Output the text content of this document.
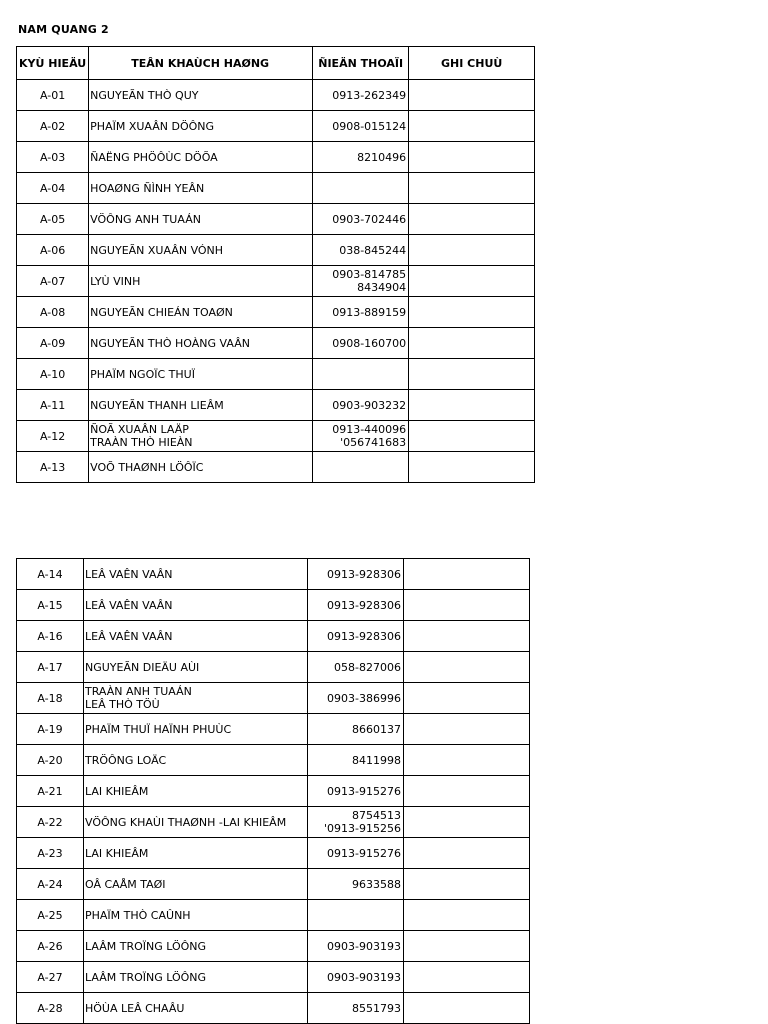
NAM QUANG 2
KYÙ HIEÄU	TEÂN KHAÙCH HAØNG	ÑIEÄN THOAÏI	GHI CHUÙ
A-01	NGUYEÃN THÒ QUY	0913-262349	
A-02	PHAÏM XUAÂN DÖÔNG	0908-015124	
A-03	ÑAËNG PHÖÔÙC DÖÕA	8210496	
A-04	HOAØNG ÑÌNH YEÂN		
A-05	VÖÔNG ANH TUAÁN	0903-702446	
A-06	NGUYEÃN XUAÂN VÓNH	038-845244	
A-07	LYÙ VINH	0903-814785
8434904	
A-08	NGUYEÃN CHIEÁN TOAØN	0913-889159	
A-09	NGUYEÃN THÒ HOÀNG VAÂN	0908-160700	
A-10	PHAÏM NGOÏC THUÏ		
A-11	NGUYEÃN THANH LIEÂM	0903-903232	
A-12	ÑOÃ XUAÂN LAÄP
TRAÀN THÒ HIEÀN	0913-440096
'056741683	
A-13	VOÕ THAØNH LÖÔÏC		
A-14	LEÂ VAÊN VAÂN	0913-928306	
A-15	LEÂ VAÊN VAÂN	0913-928306	
A-16	LEÂ VAÊN VAÂN	0913-928306	
A-17	NGUYEÃN DIEÄU AÙI	058-827006	
A-18	TRAÀN ANH TUAÁN
LEÂ THÒ TÖÙ	0903-386996	
A-19	PHAÏM THUÏ HAÏNH PHUÙC	8660137	
A-20	TRÖÔNG LOÄC	8411998	
A-21	LAI KHIEÂM	0913-915276	
A-22	VÖÔNG KHAÙI THAØNH -LAI KHIEÂM	8754513
'0913-915256	
A-23	LAI KHIEÂM	0913-915276	
A-24	OÂ CAÅM TAØI	9633588	
A-25	PHAÏM THÒ CAÛNH		
A-26	LAÂM TROÏNG LÖÔNG	0903-903193	
A-27	LAÂM TROÏNG LÖÔNG	0903-903193	
A-28	HÖÙA LEÂ CHAÂU	8551793	
